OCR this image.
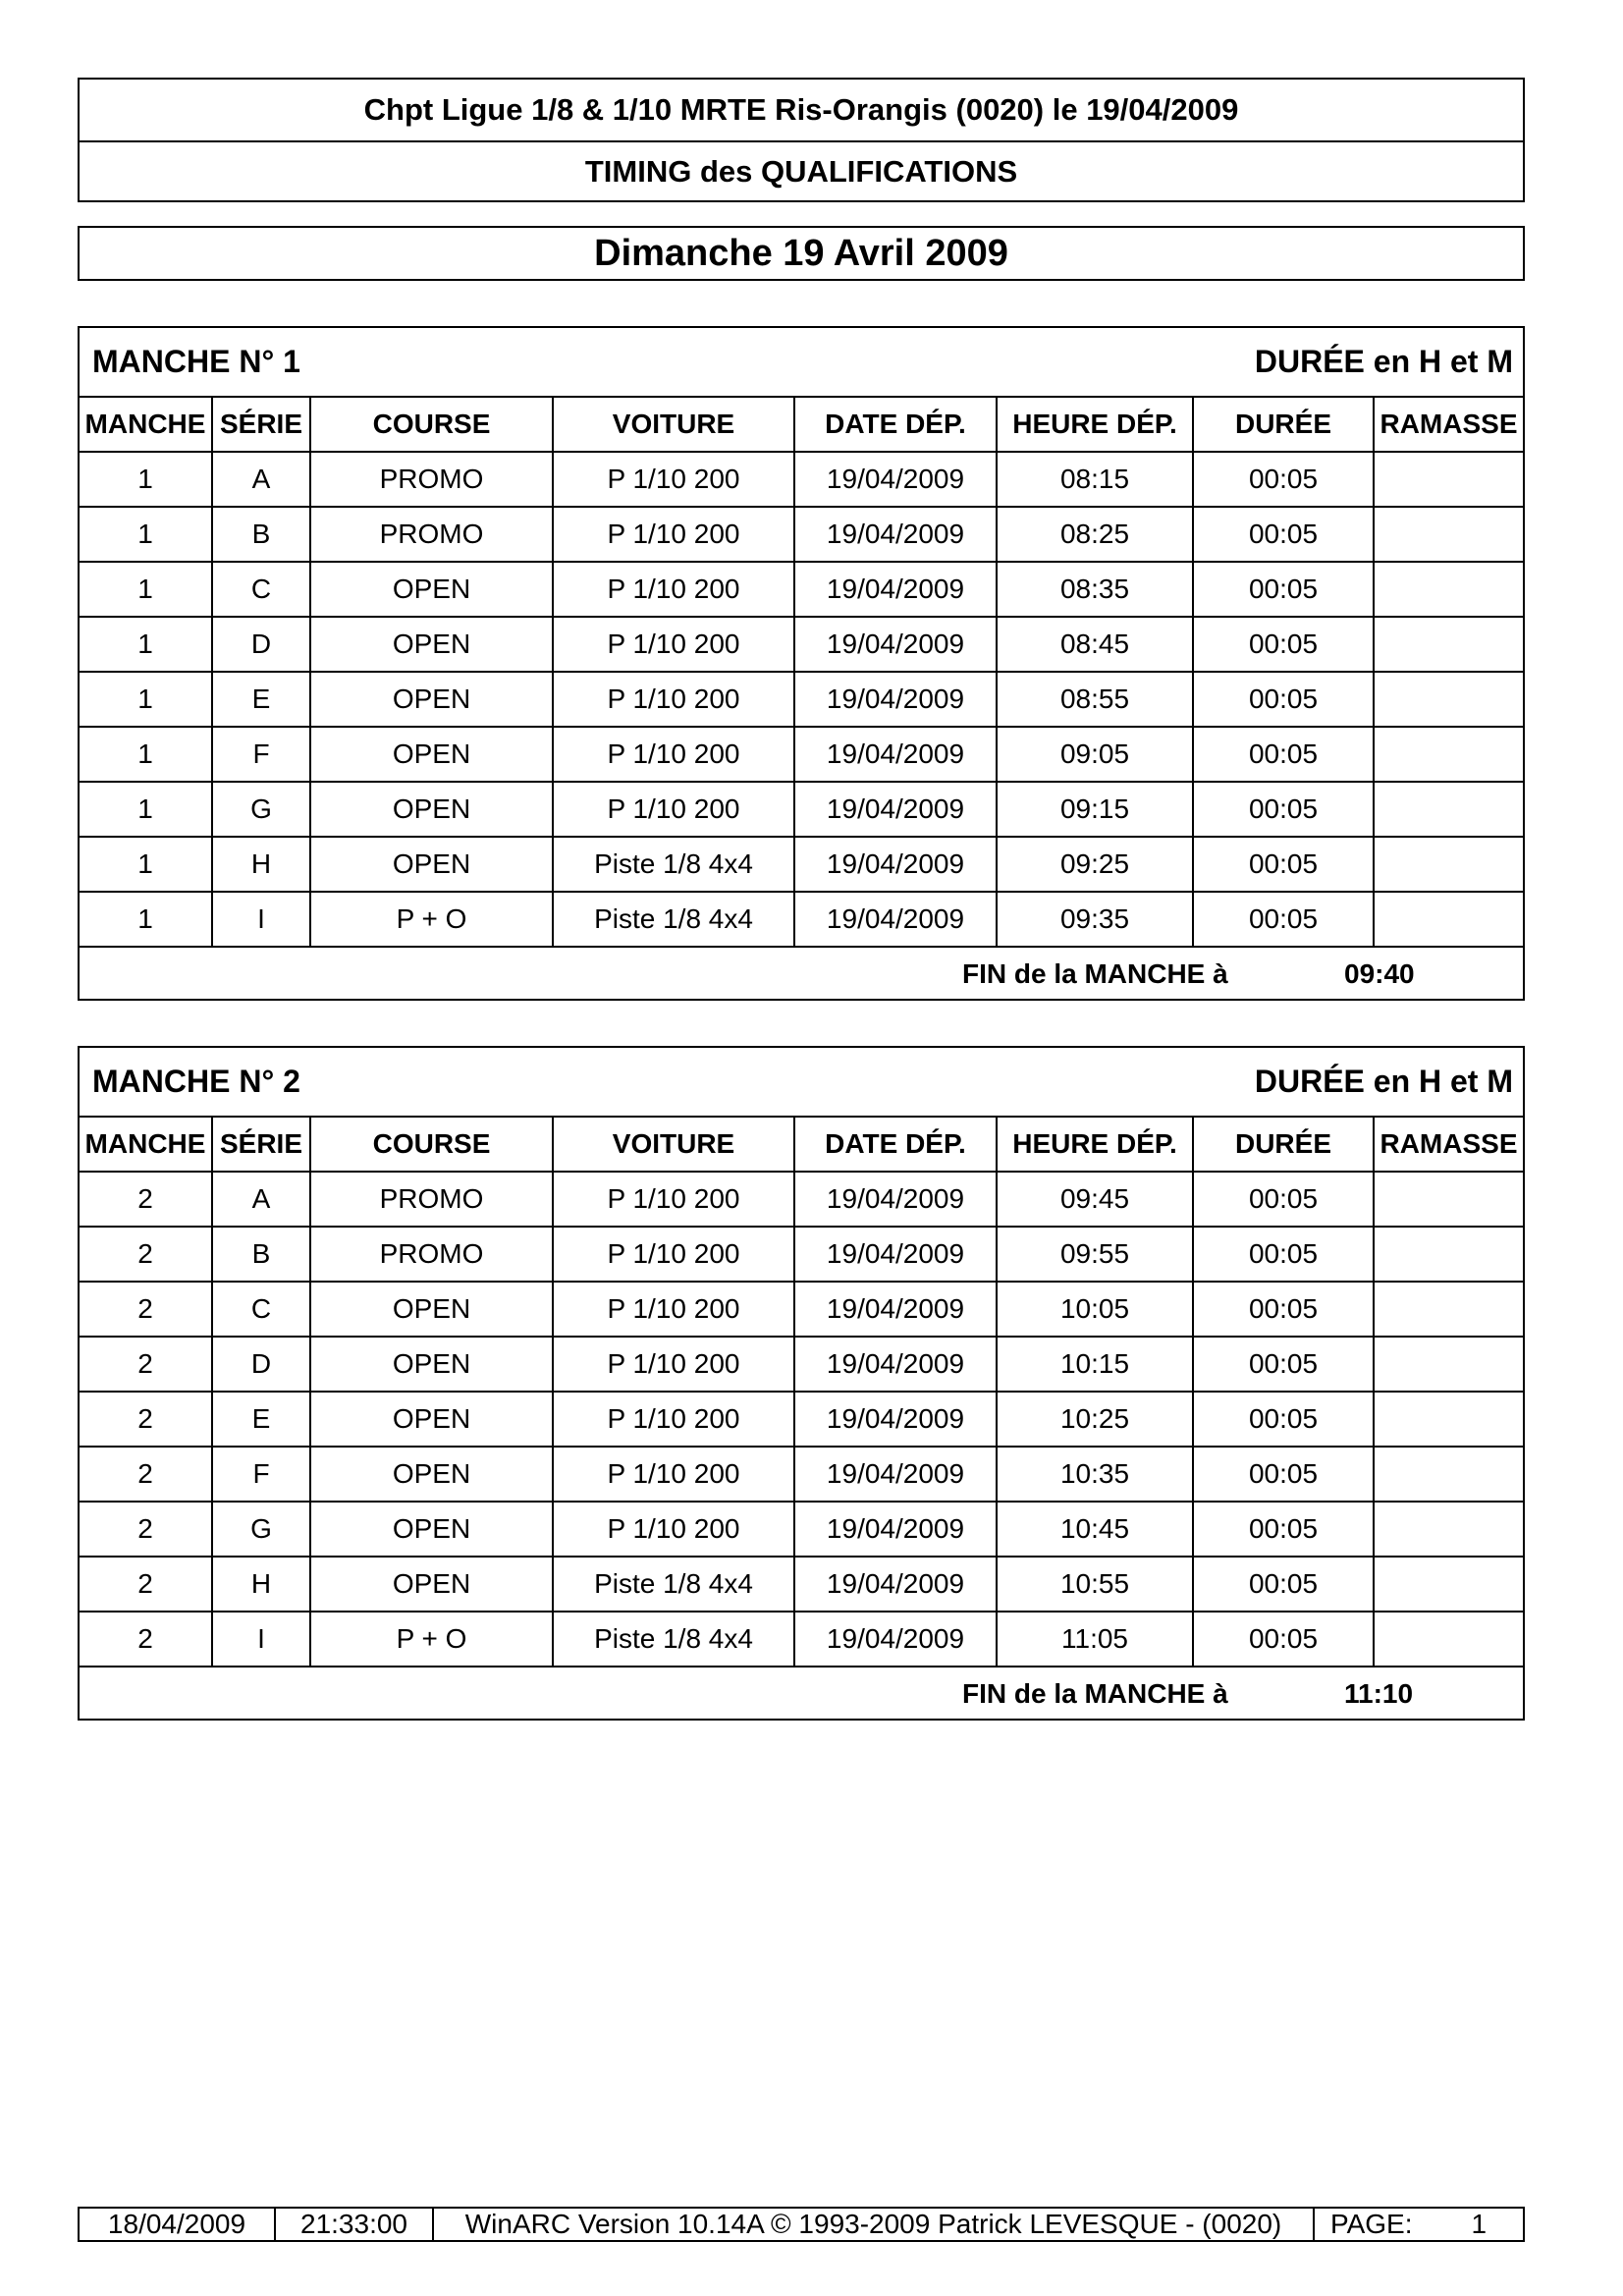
Chpt Ligue 1/8 & 1/10 MRTE Ris-Orangis (0020) le 19/04/2009
TIMING des QUALIFICATIONS
Dimanche 19 Avril 2009
MANCHE N° 1	DURÉE en H et M
MANCHE	SÉRIE	COURSE	VOITURE	DATE DÉP.	HEURE DÉP.	DURÉE	RAMASSE
1	A	PROMO	P 1/10 200	19/04/2009	08:15	00:05	
1	B	PROMO	P 1/10 200	19/04/2009	08:25	00:05	
1	C	OPEN	P 1/10 200	19/04/2009	08:35	00:05	
1	D	OPEN	P 1/10 200	19/04/2009	08:45	00:05	
1	E	OPEN	P 1/10 200	19/04/2009	08:55	00:05	
1	F	OPEN	P 1/10 200	19/04/2009	09:05	00:05	
1	G	OPEN	P 1/10 200	19/04/2009	09:15	00:05	
1	H	OPEN	Piste 1/8 4x4	19/04/2009	09:25	00:05	
1	I	P + O	Piste 1/8 4x4	19/04/2009	09:35	00:05	
FIN de la MANCHE à	09:40
MANCHE N° 2	DURÉE en H et M
MANCHE	SÉRIE	COURSE	VOITURE	DATE DÉP.	HEURE DÉP.	DURÉE	RAMASSE
2	A	PROMO	P 1/10 200	19/04/2009	09:45	00:05	
2	B	PROMO	P 1/10 200	19/04/2009	09:55	00:05	
2	C	OPEN	P 1/10 200	19/04/2009	10:05	00:05	
2	D	OPEN	P 1/10 200	19/04/2009	10:15	00:05	
2	E	OPEN	P 1/10 200	19/04/2009	10:25	00:05	
2	F	OPEN	P 1/10 200	19/04/2009	10:35	00:05	
2	G	OPEN	P 1/10 200	19/04/2009	10:45	00:05	
2	H	OPEN	Piste 1/8 4x4	19/04/2009	10:55	00:05	
2	I	P + O	Piste 1/8 4x4	19/04/2009	11:05	00:05	
FIN de la MANCHE à	11:10
18/04/2009	21:33:00	WinARC Version 10.14A © 1993-2009 Patrick LEVESQUE - (0020)	PAGE: 1
